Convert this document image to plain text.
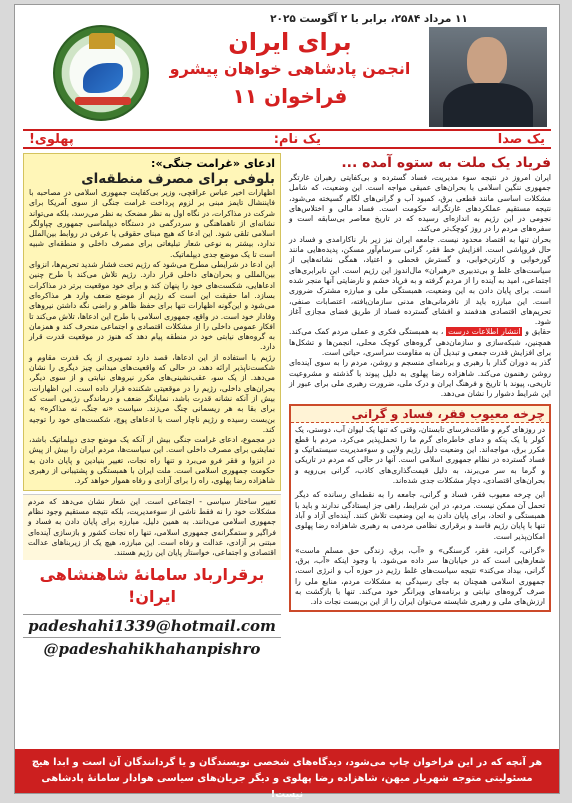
۱۱ مرداد ۲۵۸۴، برابر با ۲ آگوست ۲۰۲۵
برای ایران
انجمن پادشاهی خواهان پیشرو
فراخوان ۱۱
یک صدا
یک نام:
پهلوی!
فریاد یک ملت به ستوه آمده ...

ایران امروز در نتیجه سوء مدیریت، فساد گسترده و بی‌کفایتی رهبران غارتگر جمهوری ننگین اسلامی با بحران‌های عمیقی مواجه است. این وضعیت، که شامل مشکلات اساسی مانند قطعی برق، کمبود آب و گرانی‌های لگام گسیخته می‌شود، نتیجه مستقیم عملکردهای غارتگرانه حکومت است. فساد مالی و اختلاس‌های نجومی در این رژیم به اندازه‌ای رسیده که در تاریخ معاصر بی‌سابقه است و سفره‌های مردم را در روز کوچک‌تر می‌کند.

بحران تنها به اقتصاد محدود نیست. جامعه ایران نیز زیر بار ناکارامدی و فساد در حال فروپاشی است. افزایش خط فقر، گرانی سرسام‌آور مسکن، پدیده‌هایی مانند گورخوابی و کارتن‌خوابی، و گسترش قحطی و اعتیاد، همگی نشانه‌هایی از سیاست‌های غلط و بی‌تدبیری «رهبران» مال‌اندوز این رژیم است. این نابرابری‌های اجتماعی، امید به آینده را از مردم گرفته و به فریاد خشم و نارضایتی آنها منجر شده است. برای پایان دادن به این وضعیت، همبستگی ملی و مبارزه مشترک ضروری است. این مبارزه باید از نافرمانی‌های مدنی سازمان‌یافته، اعتصابات صنفی، تحریم‌های اقتصادی هدفمند و افشای گسترده فساد از طریق فضای مجازی آغاز شود.

حقایق و انتشار اطلاعات درست ، به همبستگی فکری و عملی مردم کمک می‌کند. همچنین، شبکه‌سازی و سازمان‌دهی گروه‌های کوچک محلی، انجمن‌ها و تشکل‌ها برای افزایش قدرت جمعی و تبدیل آن به مقاومت سراسری، حیاتی است.

گذر به دوران گذار با رهبری و برنامه‌ای منسجم و روشن، مردم را به سوی آینده‌ای روشن رهنمون می‌کند. شاهزاده رضا پهلوی به دلیل پیوند با گذشته و مشروعیت تاریخی، پیوند با تاریخ و فرهنگ ایران و درک ملی، ضرورت رهبری ملی برای عبور از این شرایط دشوار را نشان می‌دهد.

چرخه معیوب فقر، فساد و گرانی

در روزهای گرم و طاقت‌فرسای تابستان، وقتی که تنها یک لیوان آب، دوستی، یک کولر یا یک پنکه و دمای خاطره‌ای گرم ما را تحمل‌پذیر می‌کرد، مردم با قطع مکرر برق، مواجه‌اند. این وضعیت دلیل رژیم ولایی و سوءمدیریت سیستماتیک و فساد گسترده در نظام جمهوری اسلامی است. آنها در حالی که مردم در تاریکی و گرما به سر می‌برند، به دلیل قیمت‌گذاری‌های کاذب، گرانی بی‌رویه و بحران‌های اقتصادی، دچار مشکلات جدی شده‌اند.

این چرخه معیوب فقر، فساد و گرانی، جامعه را به نقطه‌ای رسانده که دیگر تحمل آن ممکن نیست. مردم، در این شرایط، راهی جز ایستادگی ندارند و باید با همبستگی و اتحاد، برای پایان دادن به این وضعیت تلاش کنند. آینده‌ای آزاد و آباد تنها با پایان رژیم فاسد و برقراری نظامی مردمی به رهبری شاهزاده رضا پهلوی امکان‌پذیر است.

«گرانی، گرانی، فقر، گرسنگی» و «آب، برق، زندگی حق مسلم ماست» شعارهایی است که در خیابان‌ها سر داده می‌شود. با وجود اینکه «آب، برق، گرانی، بیداد می‌کند» نتیجه سیاست‌های غلط رژیم در حوزه آب و انرژی است، جمهوری اسلامی همچنان به جای رسیدگی به مشکلات مردم، منابع ملی را صرف گروه‌های نیابتی و برنامه‌های ویرانگر خود می‌کند. تنها با بازگشت به ارزش‌های ملی و رهبری شایسته می‌توان ایران را از این بن‌بست نجات داد.

ادعای «غرامت جنگی»:
بلوفی برای مصرف منطقه‌ای

اظهارات اخیر عباس عراقچی، وزیر بی‌کفایت جمهوری اسلامی در مصاحبه با فایننشال تایمز مبنی بر لزوم پرداخت غرامت جنگی از سوی آمریکا برای شرکت در مذاکرات، در نگاه اول به نظر مضحک به نظر می‌رسد، بلکه می‌تواند نشانه‌ای از ناهماهنگی و سردرگمی در دستگاه دیپلماسی جمهوری چپاولگر اسلامی تلقی شود. این ادعا که هیچ مبنای حقوقی یا عرفی در روابط بین‌الملل ندارد، بیشتر به نوعی شعار تبلیغاتی برای مصرف داخلی و منطقه‌ای شبیه است تا یک موضع جدی دیپلماتیک.

این ادعا در شرایطی مطرح می‌شود که رژیم تحت فشار شدید تحریم‌ها، انزوای بین‌المللی و بحران‌های داخلی قرار دارد. رژیم تلاش می‌کند با طرح چنین ادعاهایی، شکست‌های خود را پنهان کند و برای خود موقعیت برتر در مذاکرات بسازد. اما حقیقت این است که رژیم از موضع ضعف وارد هر مذاکره‌ای می‌شود و این‌گونه اظهارات تنها برای حفظ ظاهر و راضی نگه داشتن نیروهای وفادار خود است. در واقع، جمهوری اسلامی با طرح این ادعاها، تلاش می‌کند تا افکار عمومی داخلی را از مشکلات اقتصادی و اجتماعی منحرف کند و همزمان به گروه‌های نیابتی خود در منطقه پیام دهد که هنوز در موقعیت قدرت قرار دارد.

رژیم با استفاده از این ادعاها، قصد دارد تصویری از یک قدرت مقاوم و شکست‌ناپذیر ارائه دهد، در حالی که واقعیت‌های میدانی چیز دیگری را نشان می‌دهد. از یک سو، عقب‌نشینی‌های مکرر نیروهای نیابتی و از سوی دیگر، بحران‌های داخلی، رژیم را در موقعیتی شکننده قرار داده است. این اظهارات، بیش از آنکه نشانه قدرت باشد، نمایانگر ضعف و درماندگی رژیمی است که برای بقا به هر ریسمانی چنگ می‌زند. سیاست «نه جنگ، نه مذاکره» به بن‌بست رسیده و رژیم ناچار است با ادعاهای پوچ، شکست‌های خود را توجیه کند.

در مجموع، ادعای غرامت جنگی بیش از آنکه یک موضع جدی دیپلماتیک باشد، نمایشی برای مصرف داخلی است. این سیاست‌ها، مردم ایران را بیش از پیش در انزوا و فقر فرو می‌برد و تنها راه نجات، تغییر بنیادین و پایان دادن به حکومت جمهوری اسلامی است. ملت ایران با همبستگی و پشتیبانی از رهبری شاهزاده رضا پهلوی، راه را برای آزادی و رفاه هموار خواهد کرد.

تغییر ساختار سیاسی - اجتماعی است. این شعار نشان می‌دهد که مردم مشکلات خود را نه فقط ناشی از سوءمدیریت، بلکه نتیجه مستقیم وجود نظام جمهوری اسلامی می‌دانند. به همین دلیل، مبارزه برای پایان دادن به فساد و فراگیر و ستمگرانه‌ی جمهوری اسلامی، تنها راه نجات کشور و بازسازی آینده‌ای مبتنی بر آزادی، عدالت و رفاه است. این مبارزه، هیچ یک از زیربناهای عدالت اقتصادی و اجتماعی، خواستار پایان این رژیم هستند.

برقرارباد سامانهٔ شاهنشاهی ایران!
padeshahi1339@hotmail.com
@padeshahikhahanpishro
هر آنچه که در این فراخوان چاپ می‌شود، دیدگاه‌های شخصی نویسندگان و یا گردانندگان آن است و ابدا هیچ مسئولیتی متوجه شهریار میهن، شاهزاده رضا پهلوی و دیگر جریان‌های سیاسی هوادار سامانهٔ پادشاهی نیست!
